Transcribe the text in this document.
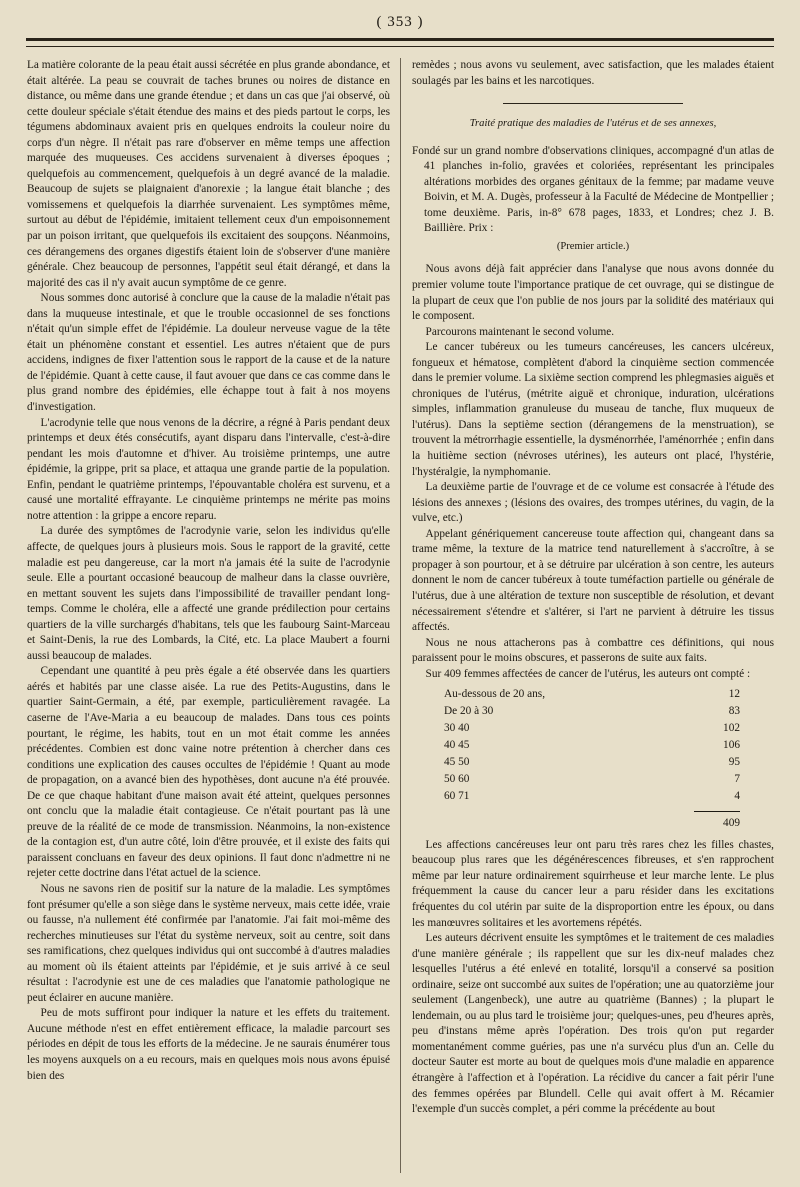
( 353 )

La matière colorante de la peau était aussi sécrétée en plus grande abondance, et était altérée. La peau se couvrait de taches brunes ou noires de distance en distance, ou même dans une grande étendue ; et dans un cas que j'ai observé, où cette douleur spéciale s'était étendue des mains et des pieds partout le corps, les tégumens abdominaux avaient pris en quelques endroits la couleur noire du corps d'un nègre. Il n'était pas rare d'observer en même temps une affection marquée des muqueuses. Ces accidens survenaient à diverses époques ; quelquefois au commencement, quelquefois à un degré avancé de la maladie. Beaucoup de sujets se plaignaient d'anorexie ; la langue était blanche ; des vomissemens et quelquefois la diarrhée survenaient. Les symptômes même, surtout au début de l'épidémie, imitaient tellement ceux d'un empoisonnement par un poison irritant, que quelquefois ils excitaient des soupçons. Néanmoins, ces dérangemens des organes digestifs étaient loin de s'observer d'une manière générale. Chez beaucoup de personnes, l'appétit seul était dérangé, et dans la majorité des cas il n'y avait aucun symptôme de ce genre.

Nous sommes donc autorisé à conclure que la cause de la maladie n'était pas dans la muqueuse intestinale, et que le trouble occasionnel de ses fonctions n'était qu'un simple effet de l'épidémie. La douleur nerveuse vague de la tête était un phénomène constant et essentiel. Les autres n'étaient que de purs accidens, indignes de fixer l'attention sous le rapport de la cause et de la nature de l'épidémie. Quant à cette cause, il faut avouer que dans ce cas comme dans le plus grand nombre des épidémies, elle échappe tout à fait à nos moyens d'investigation.

L'acrodynie telle que nous venons de la décrire, a régné à Paris pendant deux printemps et deux étés consécutifs, ayant disparu dans l'intervalle, c'est-à-dire pendant les mois d'automne et d'hiver. Au troisième printemps, une autre épidémie, la grippe, prit sa place, et attaqua une grande partie de la population. Enfin, pendant le quatrième printemps, l'épouvantable choléra est survenu, et a causé une mortalité effrayante. Le cinquième printemps ne mérite pas moins notre attention : la grippe a encore reparu.

La durée des symptômes de l'acrodynie varie, selon les individus qu'elle affecte, de quelques jours à plusieurs mois. Sous le rapport de la gravité, cette maladie est peu dangereuse, car la mort n'a jamais été la suite de l'acrodynie seule. Elle a pourtant occasioné beaucoup de malheur dans la classe ouvrière, en mettant souvent les sujets dans l'impossibilité de travailler pendant long-temps. Comme le choléra, elle a affecté une grande prédilection pour certains quartiers de la ville surchargés d'habitans, tels que les faubourg Saint-Marceau et Saint-Denis, la rue des Lombards, la Cité, etc. La place Maubert a fourni aussi beaucoup de malades.

Cependant une quantité à peu près égale a été observée dans les quartiers aérés et habités par une classe aisée. La rue des Petits-Augustins, dans le quartier Saint-Germain, a été, par exemple, particulièrement ravagée. La caserne de l'Ave-Maria a eu beaucoup de malades. Dans tous ces points pourtant, le régime, les habits, tout en un mot était comme les années précédentes. Combien est donc vaine notre prétention à chercher dans ces conditions une explication des causes occultes de l'épidémie ! Quant au mode de propagation, on a avancé bien des hypothèses, dont aucune n'a été prouvée. De ce que chaque habitant d'une maison avait été atteint, quelques personnes ont conclu que la maladie était contagieuse. Ce n'était pourtant pas là une preuve de la réalité de ce mode de transmission. Néanmoins, la non-existence de la contagion est, d'un autre côté, loin d'être prouvée, et il existe des faits qui paraissent concluans en faveur des deux opinions. Il faut donc n'admettre ni ne rejeter cette doctrine dans l'état actuel de la science.

Nous ne savons rien de positif sur la nature de la maladie. Les symptômes font présumer qu'elle a son siège dans le système nerveux, mais cette idée, vraie ou fausse, n'a nullement été confirmée par l'anatomie. J'ai fait moi-même des recherches minutieuses sur l'état du système nerveux, soit au centre, soit dans ses ramifications, chez quelques individus qui ont succombé à d'autres maladies au moment où ils étaient atteints par l'épidémie, et je suis arrivé à ce seul résultat : l'acrodynie est une de ces maladies que l'anatomie pathologique ne peut éclairer en aucune manière.

Peu de mots suffiront pour indiquer la nature et les effets du traitement. Aucune méthode n'est en effet entièrement efficace, la maladie parcourt ses périodes en dépit de tous les efforts de la médecine. Je ne saurais énumérer tous les moyens auxquels on a eu recours, mais en quelques mois nous avons épuisé bien des

remèdes ; nous avons vu seulement, avec satisfaction, que les malades étaient soulagés par les bains et les narcotiques.

Traité pratique des maladies de l'utérus et de ses annexes,

Fondé sur un grand nombre d'observations cliniques, accompagné d'un atlas de 41 planches in-folio, gravées et coloriées, représentant les principales altérations morbides des organes génitaux de la femme; par madame veuve Boivin, et M. A. Dugès, professeur à la Faculté de Médecine de Montpellier ; tome deuxième. Paris, in-8° 678 pages, 1833, et Londres; chez J. B. Baillière. Prix :

(Premier article.)

Nous avons déjà fait apprécier dans l'analyse que nous avons donnée du premier volume toute l'importance pratique de cet ouvrage, qui se distingue de la plupart de ceux que l'on publie de nos jours par la solidité des matériaux qui le composent.

Parcourons maintenant le second volume.

Le cancer tubéreux ou les tumeurs cancéreuses, les cancers ulcéreux, fongueux et hématose, complètent d'abord la cinquième section commencée dans le premier volume. La sixième section comprend les phlegmasies aiguës et chroniques de l'utérus, (métrite aiguë et chronique, induration, ulcérations simples, inflammation granuleuse du museau de tanche, flux muqueux de l'utérus). Dans la septième section (dérangemens de la menstruation), se trouvent la métrorrhagie essentielle, la dysménorrhée, l'aménorrhée ; enfin dans la huitième section (névroses utérines), les auteurs ont placé, l'hystérie, l'hystéralgie, la nymphomanie.

La deuxième partie de l'ouvrage et de ce volume est consacrée à l'étude des lésions des annexes ; (lésions des ovaires, des trompes utérines, du vagin, de la vulve, etc.)

Appelant génériquement cancereuse toute affection qui, changeant dans sa trame même, la texture de la matrice tend naturellement à s'accroître, à se propager à son pourtour, et à se détruire par ulcération à son centre, les auteurs donnent le nom de cancer tubéreux à toute tuméfaction partielle ou générale de l'utérus, due à une altération de texture non susceptible de résolution, et devant nécessairement s'étendre et s'altérer, si l'art ne parvient à détruire les tissus affectés.

Nous ne nous attacherons pas à combattre ces définitions, qui nous paraissent pour le moins obscures, et passerons de suite aux faits.

Sur 409 femmes affectées de cancer de l'utérus, les auteurs ont compté :

Au-dessous de 20 ans,	12
De 20 à 30	83
30 40	102
40 45	106
45 50	95
50 60	7
60 71	4
409

Les affections cancéreuses leur ont paru très rares chez les filles chastes, beaucoup plus rares que les dégénérescences fibreuses, et s'en rapprochent même par leur nature ordinairement squirrheuse et leur marche lente. Le plus fréquemment la cause du cancer leur a paru résider dans les excitations fréquentes du col utérin par suite de la disproportion entre les époux, ou dans les manœuvres solitaires et les avortemens répétés.

Les auteurs décrivent ensuite les symptômes et le traitement de ces maladies d'une manière générale ; ils rappellent que sur les dix-neuf malades chez lesquelles l'utérus a été enlevé en totalité, lorsqu'il a conservé sa position ordinaire, seize ont succombé aux suites de l'opération; une au quatorzième jour seulement (Langenbeck), une autre au quatrième (Bannes) ; la plupart le lendemain, ou au plus tard le troisième jour; quelques-unes, peu d'heures après, peu d'instans même après l'opération. Des trois qu'on put regarder momentanément comme guéries, pas une n'a survécu plus d'un an. Celle du docteur Sauter est morte au bout de quelques mois d'une maladie en apparence étrangère à l'affection et à l'opération. La récidive du cancer a fait périr l'une des femmes opérées par Blundell. Celle qui avait offert à M. Récamier l'exemple d'un succès complet, a péri comme la précédente au bout
